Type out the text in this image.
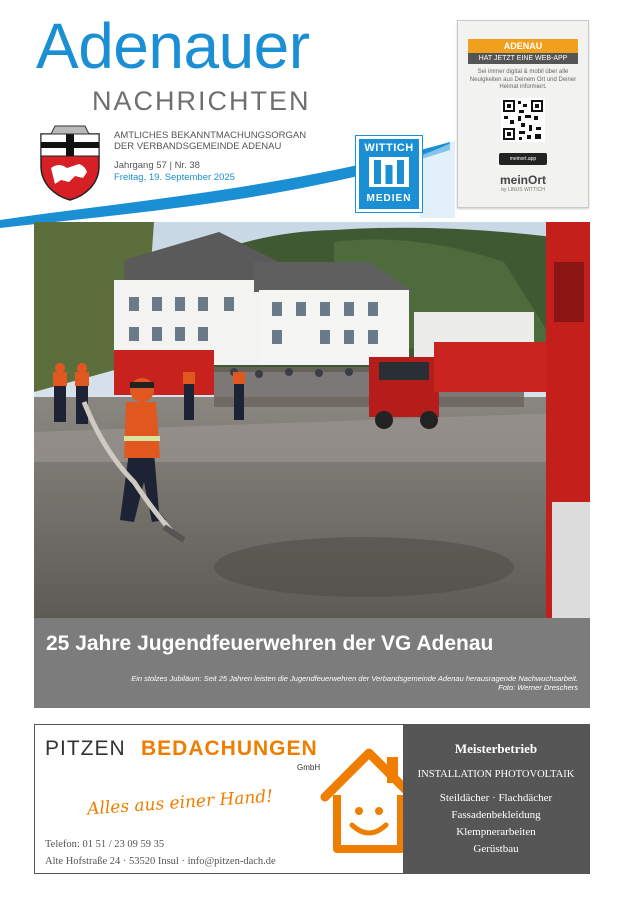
Adenauer
NACHRICHTEN
AMTLICHES BEKANNTMACHUNGSORGAN
DER VERBANDSGEMEINDE ADENAU
Jahrgang 57 | Nr. 38
Freitag, 19. September 2025
WITTICH
MEDIEN
ADENAU
HAT JETZT EINE WEB-APP
Sei immer digital & mobil über alle Neuigkeiten aus Deinem Ort und Deiner Heimat informiert.
meinort.app
meinOrt
by LINUS WITTICH
25 Jahre Jugendfeuerwehren der VG Adenau
Ein stolzes Jubiläum: Seit 25 Jahren leisten die Jugendfeuerwehren der Verbandsgemeinde Adenau herausragende Nachwuchsarbeit.
Foto: Werner Dreschers
PITZEN BEDACHUNGEN
GmbH
Alles aus einer Hand!
Telefon: 01 51 / 23 09 59 35
Alte Hofstraße 24 · 53520 Insul · info@pitzen-dach.de
Meisterbetrieb
INSTALLATION PHOTOVOLTAIK
Steildächer · Flachdächer
Fassadenbekleidung
Klempnerarbeiten
Gerüstbau
